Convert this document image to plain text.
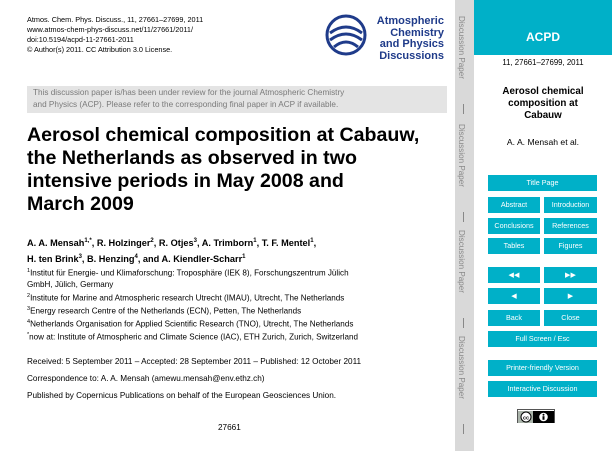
Atmos. Chem. Phys. Discuss., 11, 27661–27699, 2011
www.atmos-chem-phys-discuss.net/11/27661/2011/
doi:10.5194/acpd-11-27661-2011
© Author(s) 2011. CC Attribution 3.0 License.
Atmospheric
Chemistry
and Physics
Discussions
This discussion paper is/has been under review for the journal Atmospheric Chemistry
and Physics (ACP). Please refer to the corresponding final paper in ACP if available.
Aerosol chemical composition at Cabauw,
the Netherlands as observed in two
intensive periods in May 2008 and
March 2009
A. A. Mensah$^{1,*}$, R. Holzinger$^2$, R. Otjes$^3$, A. Trimborn$^1$, T. F. Mentel$^1$,
H. ten Brink$^3$, B. Henzing$^4$, and A. Kiendler-Scharr$^1$
$^1$Institut für Energie- und Klimaforschung: Troposphäre (IEK 8), Forschungszentrum Jülich
GmbH, Jülich, Germany
$^2$Institute for Marine and Atmospheric research Utrecht (IMAU), Utrecht, The Netherlands
$^3$Energy research Centre of the Netherlands (ECN), Petten, The Netherlands
$^4$Netherlands Organisation for Applied Scientific Research (TNO), Utrecht, The Netherlands
*now at: Institute of Atmospheric and Climate Science (IAC), ETH Zurich, Zurich, Switzerland
Received: 5 September 2011 – Accepted: 28 September 2011 – Published: 12 October 2011
Correspondence to: A. A. Mensah (amewu.mensah@env.ethz.ch)
Published by Copernicus Publications on behalf of the European Geosciences Union.
27661
Discussion Paper
Discussion Paper
Discussion Paper
Discussion Paper
ACPD
11, 27661–27699, 2011
Aerosol chemical
composition at
Cabauw
A. A. Mensah et al.
Title Page
Abstract	Introduction
Conclusions	References
Tables	Figures
◀◀	▶▶
◀	▶
Back	Close
Full Screen / Esc
Printer-friendly Version
Interactive Discussion
cc
